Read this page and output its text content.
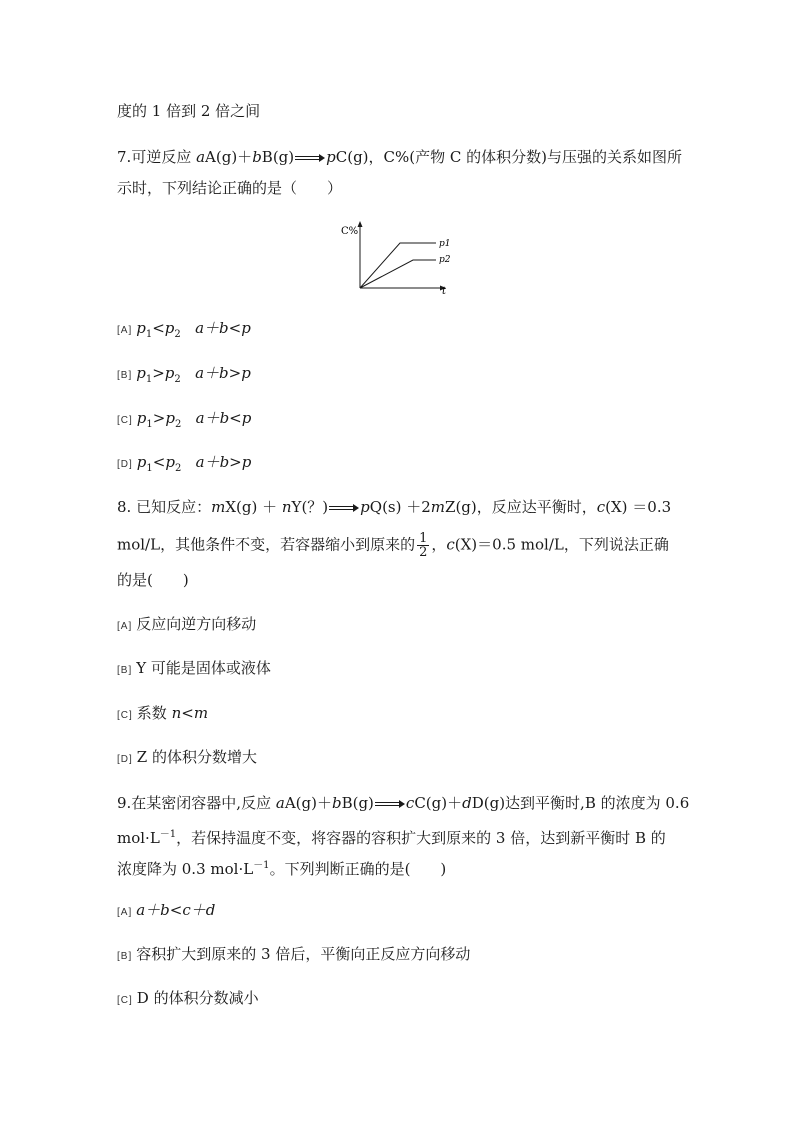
度的 1 倍到 2 倍之间
7.可逆反应 aA(g)＋bB(g) pC(g)，C%(产物 C 的体积分数)与压强的关系如图所
示时，下列结论正确的是（　　）
C%
t
p1
p2
[A] $p_1<p_2$ a＋b<p
[B] $p_1>p_2$ a＋b>p
[C] $p_1>p_2$ a＋b<p
[D] $p_1<p_2$ a＋b>p
8. 已知反应：mX(g) ＋ nY(？) pQ(s) ＋2mZ(g)，反应达平衡时，c(X) ＝0.3
mol/L，其他条件不变，若容器缩小到原来的 $\frac{1}{2}$ ，c(X)＝0.5 mol/L，下列说法正确
的是(　　)
[A] 反应向逆方向移动
[B] Y 可能是固体或液体
[C] 系数 n<m
[D] Z 的体积分数增大
9.在某密闭容器中,反应 aA(g)＋bB(g) cC(g)＋dD(g)达到平衡时,B 的浓度为 0.6
$mol\cdot L^{-1}$，若保持温度不变，将容器的容积扩大到原来的 3 倍，达到新平衡时 B 的
浓度降为 0.3 $mol\cdot L^{-1}$。下列判断正确的是(　　)
[A] a＋b<c＋d
[B] 容积扩大到原来的 3 倍后，平衡向正反应方向移动
[C] D 的体积分数减小
